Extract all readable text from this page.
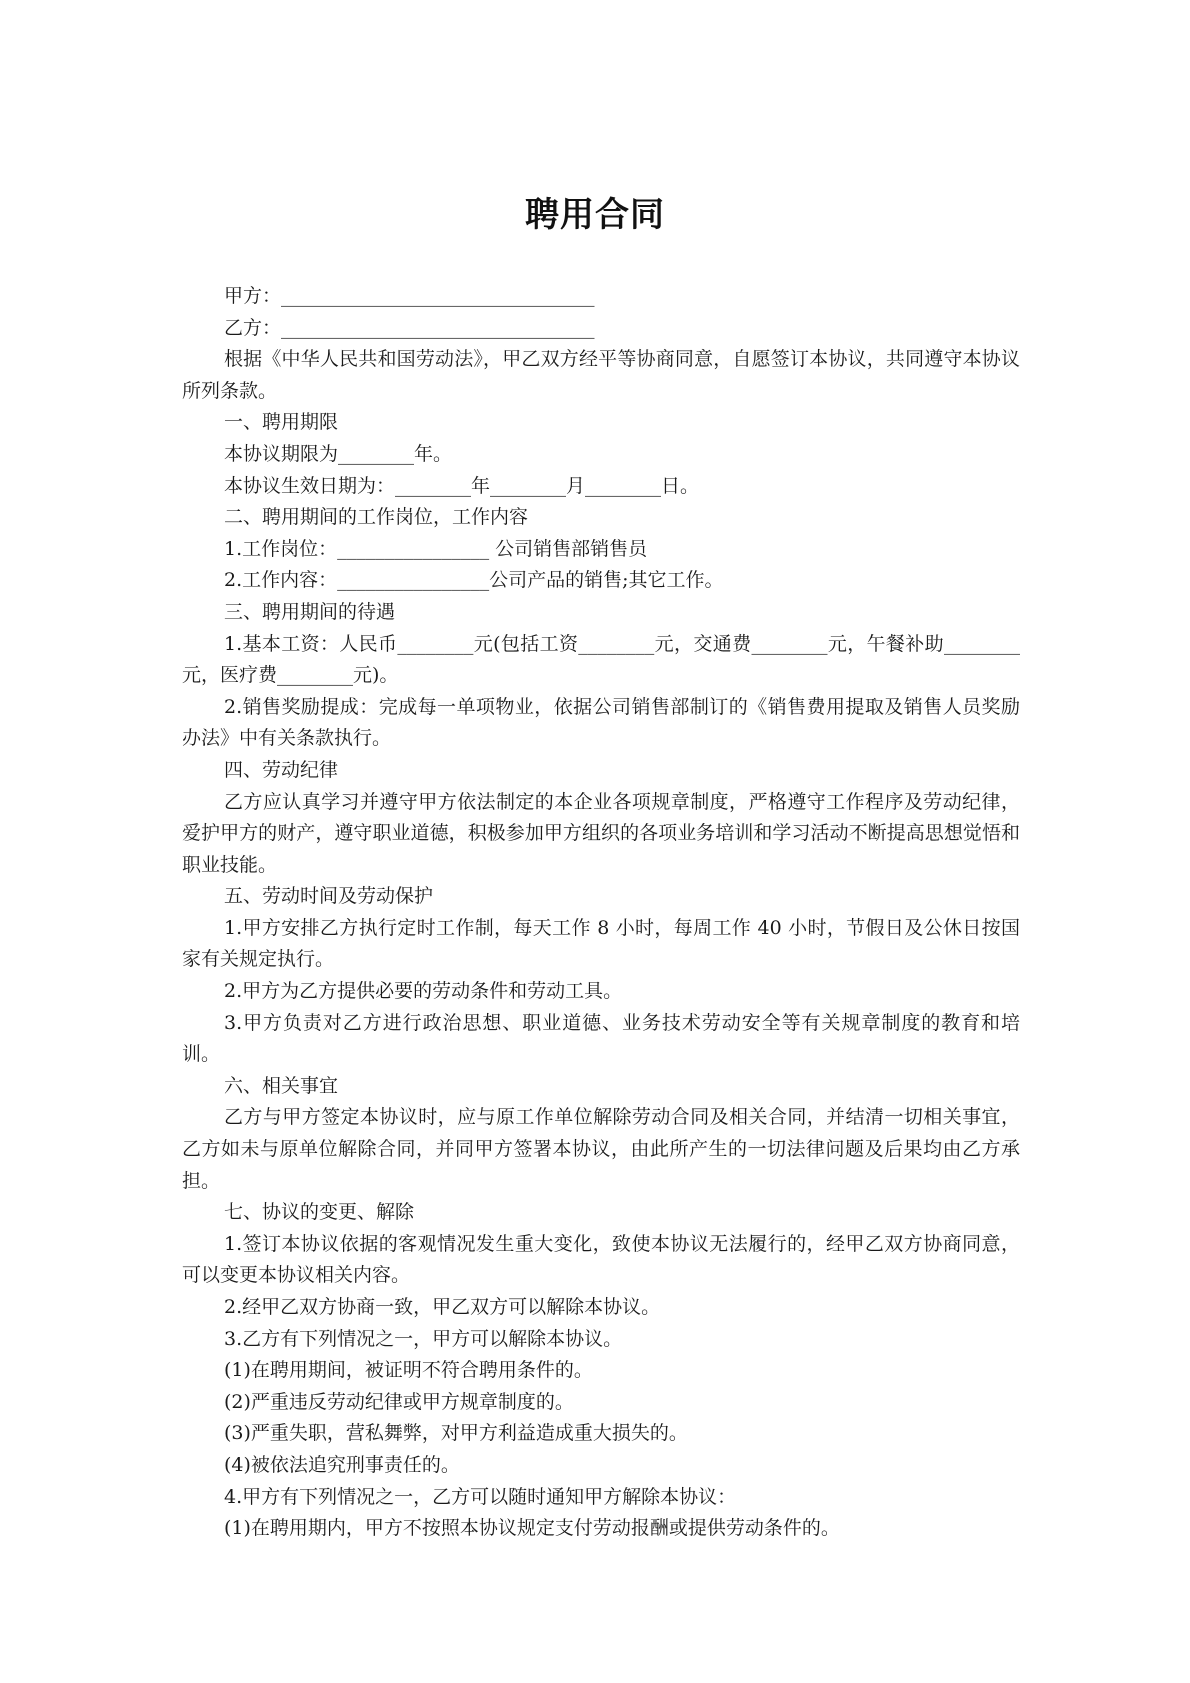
聘用合同

甲方：_________________________________

乙方：_________________________________

根据《中华人民共和国劳动法》，甲乙双方经平等协商同意，自愿签订本协议，共同遵守本协议所列条款。

一、聘用期限

本协议期限为________年。

本协议生效日期为：________年________月________日。

二、聘用期间的工作岗位，工作内容

1.工作岗位：________________ 公司销售部销售员

2.工作内容：________________公司产品的销售;其它工作。

三、聘用期间的待遇

1.基本工资：人民币________元(包括工资________元，交通费________元，午餐补助________元，医疗费________元)。

2.销售奖励提成：完成每一单项物业，依据公司销售部制订的《销售费用提取及销售人员奖励办法》中有关条款执行。

四、劳动纪律

乙方应认真学习并遵守甲方依法制定的本企业各项规章制度，严格遵守工作程序及劳动纪律，爱护甲方的财产，遵守职业道德，积极参加甲方组织的各项业务培训和学习活动不断提高思想觉悟和职业技能。

五、劳动时间及劳动保护

1.甲方安排乙方执行定时工作制，每天工作 8 小时，每周工作 40 小时，节假日及公休日按国家有关规定执行。

2.甲方为乙方提供必要的劳动条件和劳动工具。

3.甲方负责对乙方进行政治思想、职业道德、业务技术劳动安全等有关规章制度的教育和培训。

六、相关事宜

乙方与甲方签定本协议时，应与原工作单位解除劳动合同及相关合同，并结清一切相关事宜，乙方如未与原单位解除合同，并同甲方签署本协议，由此所产生的一切法律问题及后果均由乙方承担。

七、协议的变更、解除

1.签订本协议依据的客观情况发生重大变化，致使本协议无法履行的，经甲乙双方协商同意，可以变更本协议相关内容。

2.经甲乙双方协商一致，甲乙双方可以解除本协议。

3.乙方有下列情况之一，甲方可以解除本协议。

(1)在聘用期间，被证明不符合聘用条件的。

(2)严重违反劳动纪律或甲方规章制度的。

(3)严重失职，营私舞弊，对甲方利益造成重大损失的。

(4)被依法追究刑事责任的。

4.甲方有下列情况之一，乙方可以随时通知甲方解除本协议：

(1)在聘用期内，甲方不按照本协议规定支付劳动报酬或提供劳动条件的。
